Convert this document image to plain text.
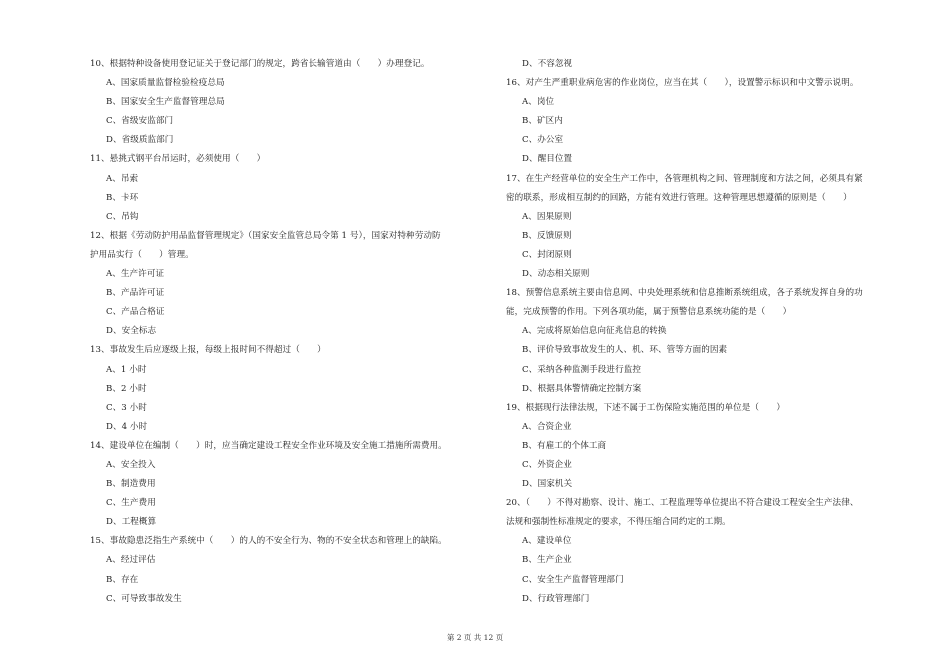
10、根据特种设备使用登记证关于登记部门的规定，跨省长输管道由（　　）办理登记。
A、国家质量监督检验检疫总局
B、国家安全生产监督管理总局
C、省级安监部门
D、省级质监部门
11、悬挑式钢平台吊运时，必须使用（　　）
A、吊索
B、卡环
C、吊钩
12、根据《劳动防护用品监督管理规定》（国家安全监管总局令第 1 号），国家对特种劳动防
护用品实行（　　）管理。
A、生产许可证
B、产品许可证
C、产品合格证
D、安全标志
13、事故发生后应逐级上报，每级上报时间不得超过（　　）
A、1 小时
B、2 小时
C、3 小时
D、4 小时
14、建设单位在编制（　　）时，应当确定建设工程安全作业环境及安全施工措施所需费用。
A、安全投入
B、制造费用
C、生产费用
D、工程概算
15、事故隐患泛指生产系统中（　　）的人的不安全行为、物的不安全状态和管理上的缺陷。
A、经过评估
B、存在
C、可导致事故发生
D、不容忽视
16、对产生严重职业病危害的作业岗位，应当在其（　　），设置警示标识和中文警示说明。
A、岗位
B、矿区内
C、办公室
D、醒目位置
17、在生产经营单位的安全生产工作中，各管理机构之间、管理制度和方法之间，必须具有紧
密的联系，形成相互制约的回路，方能有效进行管理。这种管理思想遵循的原则是（　　）
A、因果原则
B、反馈原则
C、封闭原则
D、动态相关原则
18、预警信息系统主要由信息网、中央处理系统和信息推断系统组成，各子系统发挥自身的功
能，完成预警的作用。下列各项功能，属于预警信息系统功能的是（　　）
A、完成将原始信息向征兆信息的转换
B、评价导致事故发生的人、机、环、管等方面的因素
C、采纳各种监测手段进行监控
D、根据具体警情确定控制方案
19、根据现行法律法规，下述不属于工伤保险实施范围的单位是（　　）
A、合资企业
B、有雇工的个体工商
C、外资企业
D、国家机关
20、（　　）不得对勘察、设计、施工、工程监理等单位提出不符合建设工程安全生产法律、
法规和强制性标准规定的要求，不得压缩合同约定的工期。
A、建设单位
B、生产企业
C、安全生产监督管理部门
D、行政管理部门
第 2 页 共 12 页
